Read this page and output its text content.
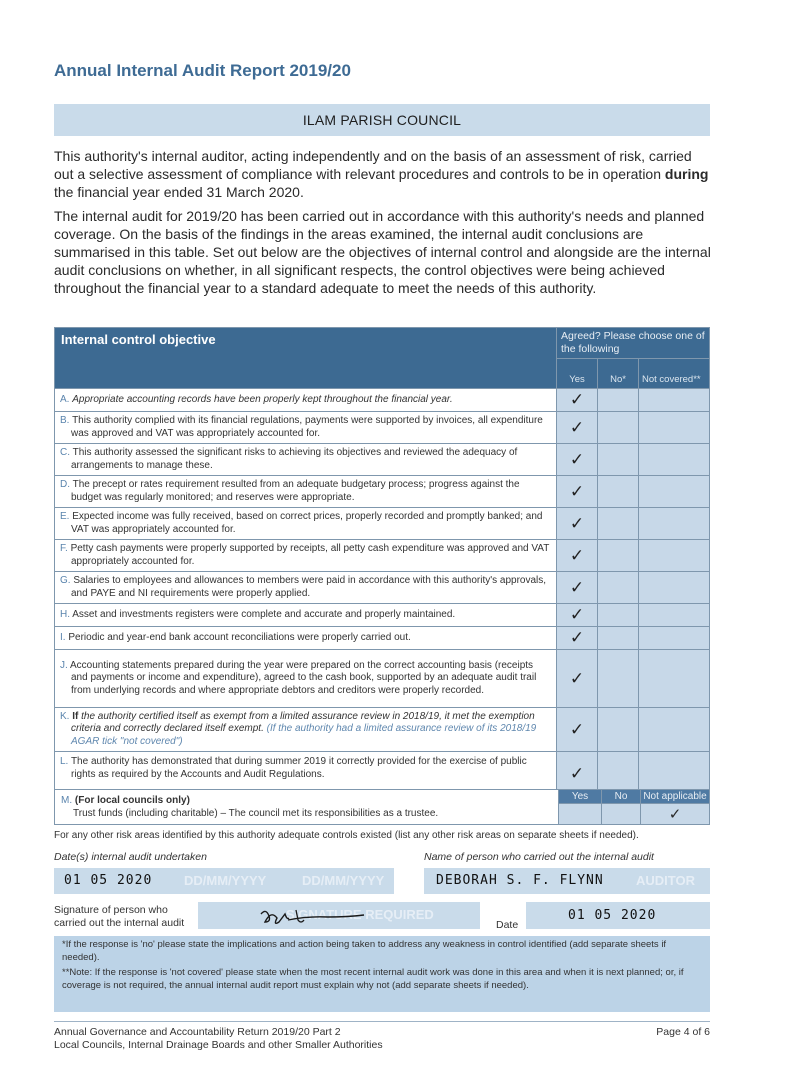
Annual Internal Audit Report 2019/20
ILAM PARISH COUNCIL
This authority's internal auditor, acting independently and on the basis of an assessment of risk, carried out a selective assessment of compliance with relevant procedures and controls to be in operation during the financial year ended 31 March 2020.
The internal audit for 2019/20 has been carried out in accordance with this authority's needs and planned coverage. On the basis of the findings in the areas examined, the internal audit conclusions are summarised in this table. Set out below are the objectives of internal control and alongside are the internal audit conclusions on whether, in all significant respects, the control objectives were being achieved throughout the financial year to a standard adequate to meet the needs of this authority.
Internal control objective	Agreed? Please choose one of the following		
	Yes	No*	Not covered**
A. Appropriate accounting records have been properly kept throughout the financial year.	✓		
B. This authority complied with its financial regulations, payments were supported by invoices, all expenditure was approved and VAT was appropriately accounted for.	✓		
C. This authority assessed the significant risks to achieving its objectives and reviewed the adequacy of arrangements to manage these.	✓		
D. The precept or rates requirement resulted from an adequate budgetary process; progress against the budget was regularly monitored; and reserves were appropriate.	✓		
E. Expected income was fully received, based on correct prices, properly recorded and promptly banked; and VAT was appropriately accounted for.	✓		
F. Petty cash payments were properly supported by receipts, all petty cash expenditure was approved and VAT appropriately accounted for.	✓		
G. Salaries to employees and allowances to members were paid in accordance with this authority's approvals, and PAYE and NI requirements were properly applied.	✓		
H. Asset and investments registers were complete and accurate and properly maintained.	✓		
I. Periodic and year-end bank account reconciliations were properly carried out.	✓		
J. Accounting statements prepared during the year were prepared on the correct accounting basis (receipts and payments or income and expenditure), agreed to the cash book, supported by an adequate audit trail from underlying records and where appropriate debtors and creditors were properly recorded.	✓		
K. If the authority certified itself as exempt from a limited assurance review in 2018/19, it met the exemption criteria and correctly declared itself exempt. (If the authority had a limited assurance review of its 2018/19 AGAR tick "not covered")	✓		
L. The authority has demonstrated that during summer 2019 it correctly provided for the exercise of public rights as required by the Accounts and Audit Regulations.	✓		
M. (For local councils only)
Trust funds (including charitable) – The council met its responsibilities as a trustee.	Yes	No	Not applicable
			✓
For any other risk areas identified by this authority adequate controls existed (list any other risk areas on separate sheets if needed).
Date(s) internal audit undertaken
01 05 2020 DD/MM/YYYY	DD/MM/YYYY
Name of person who carried out the internal audit
AUDITOR
DEBORAH S. F. FLYNN
Signature of person who
carried out the internal audit
SIGNATURE REQUIRED
Date
01 05 2020

*If the response is 'no' please state the implications and action being taken to address any weakness in control identified (add separate sheets if needed).

**Note: If the response is 'not covered' please state when the most recent internal audit work was done in this area and when it is next planned; or, if coverage is not required, the annual internal audit report must explain why not (add separate sheets if needed).

Annual Governance and Accountability Return 2019/20 Part 2
Local Councils, Internal Drainage Boards and other Smaller Authorities
Page 4 of 6
